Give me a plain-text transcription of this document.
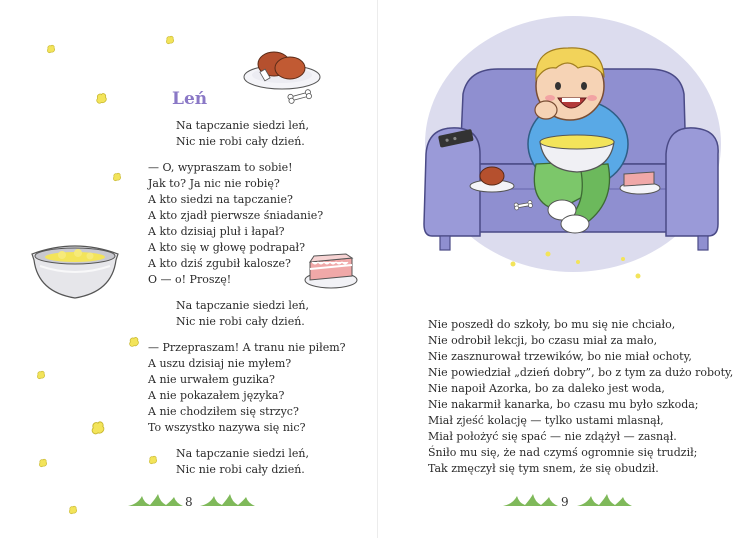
Leń
Na tapczanie siedzi leń,
Nic nie robi cały dzień.
— O, wypraszam to sobie!
Jak to? Ja nic nie robię?
A kto siedzi na tapczanie?
A kto zjadł pierwsze śniadanie?
A kto dzisiaj pluł i łapał?
A kto się w głowę podrapał?
A kto dziś zgubił kalosze?
O — o! Proszę!
Na tapczanie siedzi leń,
Nic nie robi cały dzień.
— Przepraszam! A tranu nie piłem?
A uszu dzisiaj nie myłem?
A nie urwałem guzika?
A nie pokazałem języka?
A nie chodziłem się strzyc?
To wszystko nazywa się nic?
Na tapczanie siedzi leń,
Nic nie robi cały dzień.
8
Nie poszedł do szkoły, bo mu się nie chciało,
Nie odrobił lekcji, bo czasu miał za mało,
Nie zasznurował trzewików, bo nie miał ochoty,
Nie powiedział „dzień dobry”, bo z tym za dużo roboty,
Nie napoił Azorka, bo za daleko jest woda,
Nie nakarmił kanarka, bo czasu mu było szkoda;
Miał zjeść kolację — tylko ustami mlasnął,
Miał położyć się spać — nie zdążył — zasnął.
Śniło mu się, że nad czymś ogromnie się trudził;
Tak zmęczył się tym snem, że się obudził.
9
